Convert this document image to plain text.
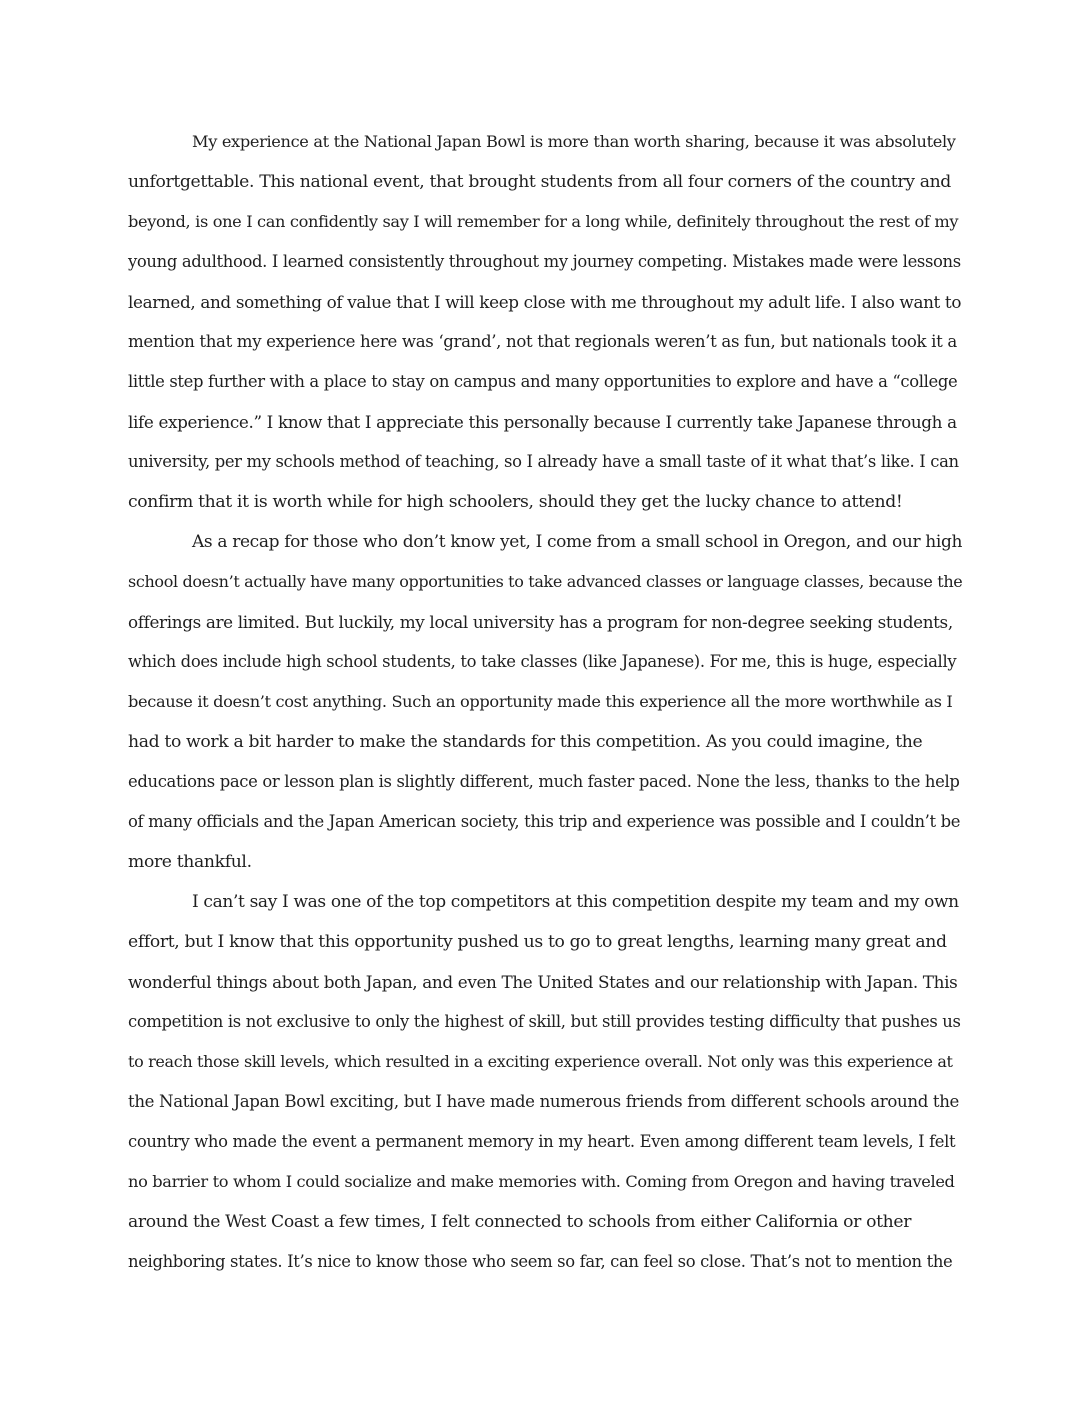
My experience at the National Japan Bowl is more than worth sharing, because it was absolutely
unfortgettable. This national event, that brought students from all four corners of the country and
beyond, is one I can confidently say I will remember for a long while, definitely throughout the rest of my
young adulthood. I learned consistently throughout my journey competing. Mistakes made were lessons
learned, and something of value that I will keep close with me throughout my adult life. I also want to
mention that my experience here was ‘grand’, not that regionals weren’t as fun, but nationals took it a
little step further with a place to stay on campus and many opportunities to explore and have a “college
life experience.” I know that I appreciate this personally because I currently take Japanese through a
university, per my schools method of teaching, so I already have a small taste of it what that’s like. I can
confirm that it is worth while for high schoolers, should they get the lucky chance to attend!
As a recap for those who don’t know yet, I come from a small school in Oregon, and our high
school doesn’t actually have many opportunities to take advanced classes or language classes, because the
offerings are limited. But luckily, my local university has a program for non-degree seeking students,
which does include high school students, to take classes (like Japanese). For me, this is huge, especially
because it doesn’t cost anything. Such an opportunity made this experience all the more worthwhile as I
had to work a bit harder to make the standards for this competition. As you could imagine, the
educations pace or lesson plan is slightly different, much faster paced. None the less, thanks to the help
of many officials and the Japan American society, this trip and experience was possible and I couldn’t be
more thankful.
I can’t say I was one of the top competitors at this competition despite my team and my own
effort, but I know that this opportunity pushed us to go to great lengths, learning many great and
wonderful things about both Japan, and even The United States and our relationship with Japan. This
competition is not exclusive to only the highest of skill, but still provides testing difficulty that pushes us
to reach those skill levels, which resulted in a exciting experience overall. Not only was this experience at
the National Japan Bowl exciting, but I have made numerous friends from different schools around the
country who made the event a permanent memory in my heart. Even among different team levels, I felt
no barrier to whom I could socialize and make memories with. Coming from Oregon and having traveled
around the West Coast a few times, I felt connected to schools from either California or other
neighboring states. It’s nice to know those who seem so far, can feel so close. That’s not to mention the
